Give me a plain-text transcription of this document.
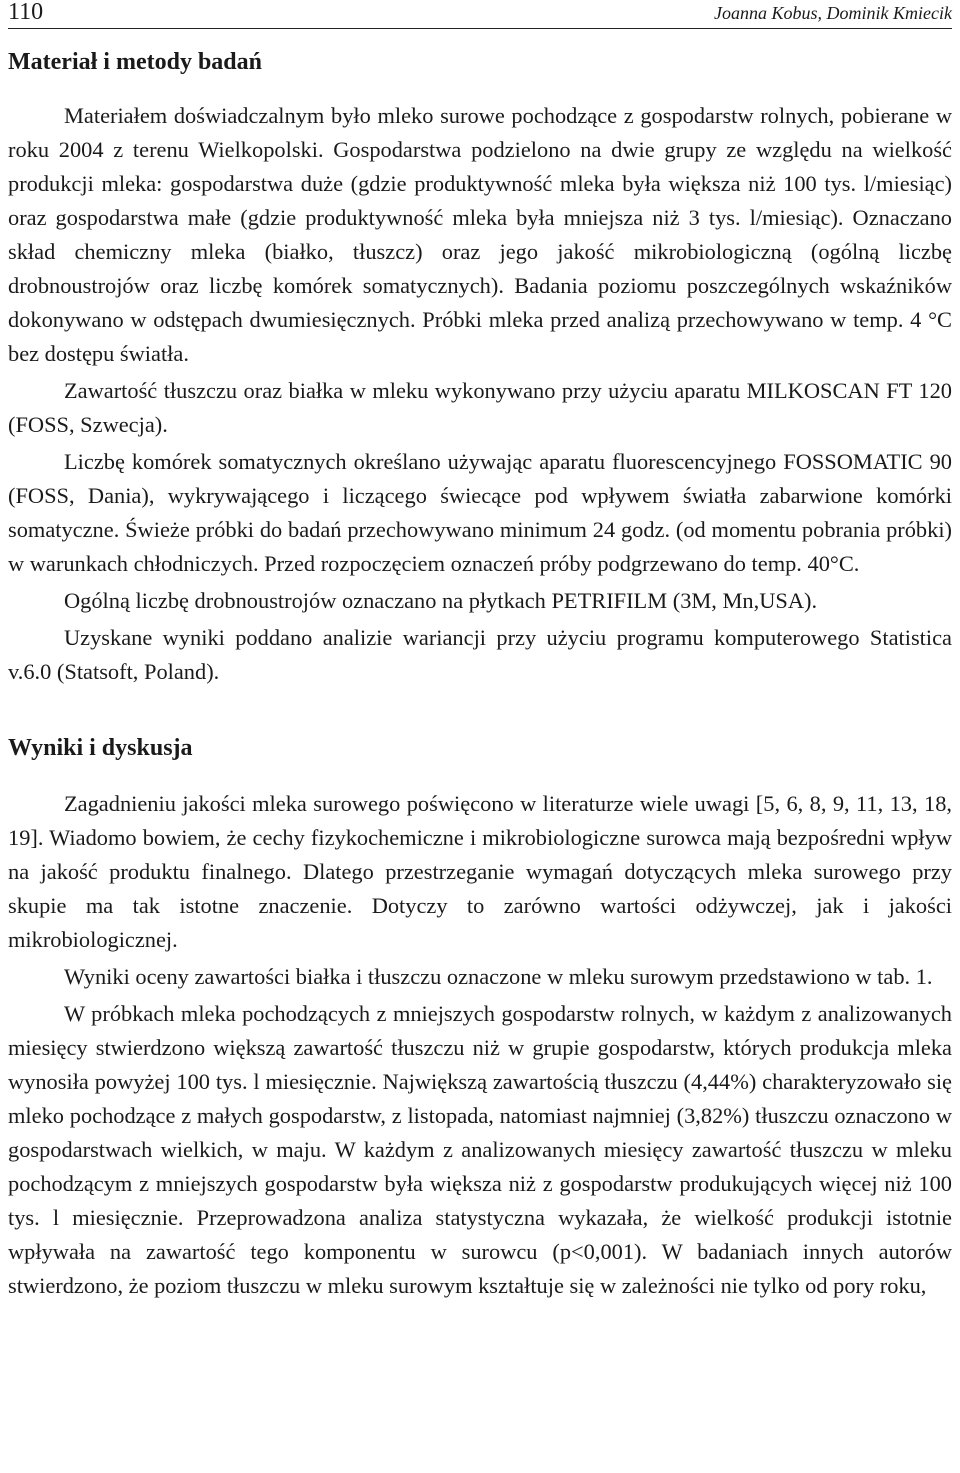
110	Joanna Kobus, Dominik Kmiecik
Materiał i metody badań

Materiałem doświadczalnym było mleko surowe pochodzące z gospodarstw rolnych, pobierane w roku 2004 z terenu Wielkopolski. Gospodarstwa podzielono na dwie grupy ze względu na wielkość produkcji mleka: gospodarstwa duże (gdzie produktywność mleka była większa niż 100 tys. l/miesiąc) oraz gospodarstwa małe (gdzie produktywność mleka była mniejsza niż 3 tys. l/miesiąc). Oznaczano skład chemiczny mleka (białko, tłuszcz) oraz jego jakość mikrobiologiczną (ogólną liczbę drobnoustrojów oraz liczbę komórek somatycznych). Badania poziomu poszczególnych wskaźników dokonywano w odstępach dwumiesięcznych. Próbki mleka przed analizą przechowywano w temp. 4 °C bez dostępu światła.

Zawartość tłuszczu oraz białka w mleku wykonywano przy użyciu aparatu MILKOSCAN FT 120 (FOSS, Szwecja).

Liczbę komórek somatycznych określano używając aparatu fluorescencyjnego FOSSOMATIC 90 (FOSS, Dania), wykrywającego i liczącego świecące pod wpływem światła zabarwione komórki somatyczne. Świeże próbki do badań przechowywano minimum 24 godz. (od momentu pobrania próbki) w warunkach chłodniczych. Przed rozpoczęciem oznaczeń próby podgrzewano do temp. 40°C.

Ogólną liczbę drobnoustrojów oznaczano na płytkach PETRIFILM (3M, Mn,USA).

Uzyskane wyniki poddano analizie wariancji przy użyciu programu komputerowego Statistica v.6.0 (Statsoft, Poland).

Wyniki i dyskusja

Zagadnieniu jakości mleka surowego poświęcono w literaturze wiele uwagi [5, 6, 8, 9, 11, 13, 18, 19]. Wiadomo bowiem, że cechy fizykochemiczne i mikrobiologiczne surowca mają bezpośredni wpływ na jakość produktu finalnego. Dlatego przestrzeganie wymagań dotyczących mleka surowego przy skupie ma tak istotne znaczenie. Dotyczy to zarówno wartości odżywczej, jak i jakości mikrobiologicznej.

Wyniki oceny zawartości białka i tłuszczu oznaczone w mleku surowym przedstawiono w tab. 1.

W próbkach mleka pochodzących z mniejszych gospodarstw rolnych, w każdym z analizowanych miesięcy stwierdzono większą zawartość tłuszczu niż w grupie gospodarstw, których produkcja mleka wynosiła powyżej 100 tys. l miesięcznie. Największą zawartością tłuszczu (4,44%) charakteryzowało się mleko pochodzące z małych gospodarstw, z listopada, natomiast najmniej (3,82%) tłuszczu oznaczono w gospodarstwach wielkich, w maju. W każdym z analizowanych miesięcy zawartość tłuszczu w mleku pochodzącym z mniejszych gospodarstw była większa niż z gospodarstw produkujących więcej niż 100 tys. l miesięcznie. Przeprowadzona analiza statystyczna wykazała, że wielkość produkcji istotnie wpływała na zawartość tego komponentu w surowcu (p<0,001). W badaniach innych autorów stwierdzono, że poziom tłuszczu w mleku surowym kształtuje się w zależności nie tylko od pory roku,
